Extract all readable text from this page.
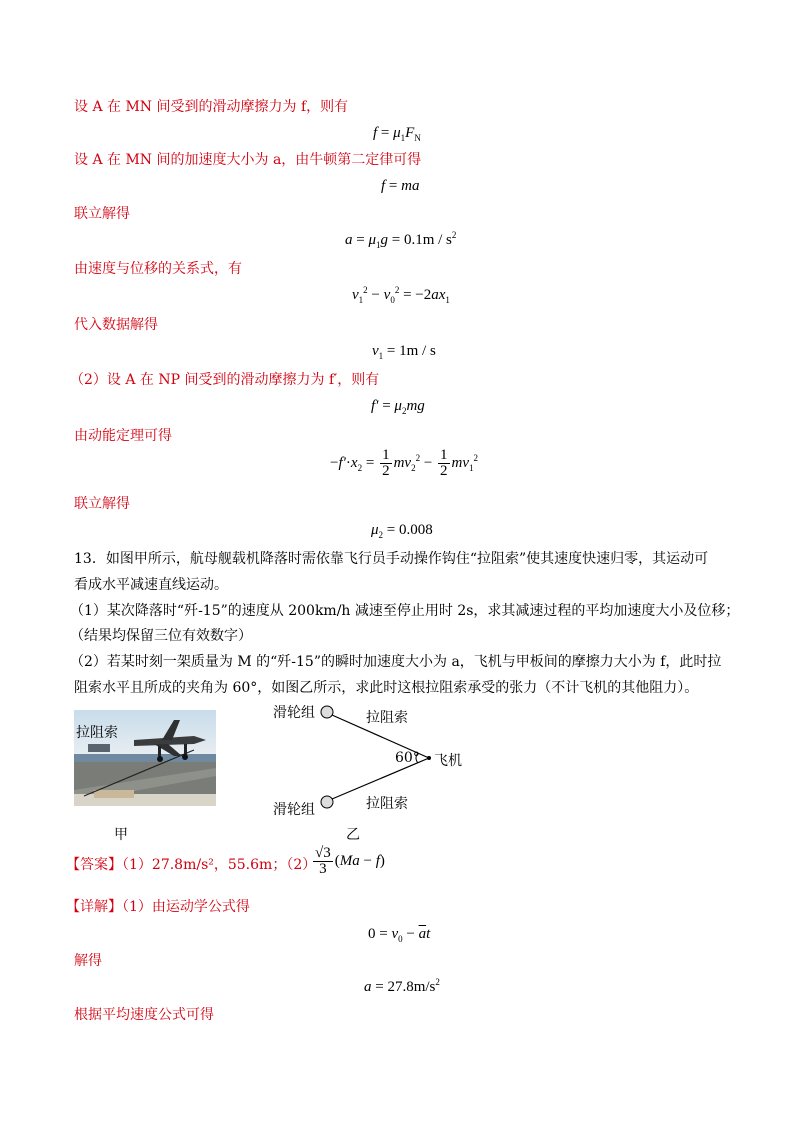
设 A 在 MN 间受到的滑动摩擦力为 f，则有
$f = \mu_1F_N$
设 A 在 MN 间的加速度大小为 a，由牛顿第二定律可得
f = ma
联立解得
$a = \mu_1g = 0.1m / s^2$
由速度与位移的关系式，有
$v_1^2 - v_0^2 = -2ax_1$
代入数据解得
$v_1 = 1m / s$
（2）设 A 在 NP 间受到的滑动摩擦力为 f′，则有
$f' = \mu_2mg$
由动能定理可得
$-f'\cdot x_2 = \frac{1}{2} mv_2^2 - \frac{1}{2} mv_1^2$
联立解得
$\mu_2 = 0.008$
13．如图甲所示，航母舰载机降落时需依靠飞行员手动操作钩住“拉阻索”使其速度快速归零，其运动可
看成水平减速直线运动。
（1）某次降落时“歼-15”的速度从 200km/h 减速至停止用时 2s，求其减速过程的平均加速度大小及位移；
（结果均保留三位有效数字）
（2）若某时刻一架质量为 M 的“歼-15”的瞬时加速度大小为 a，飞机与甲板间的摩擦力大小为 f，此时拉
阻索水平且所成的夹角为 60°，如图乙所示，求此时这根拉阻索承受的张力（不计飞机的其他阻力）。
拉阻索
甲
滑轮组	拉阻索
60° 飞机
拉阻索
滑轮组
乙
【答案】（1）27.8m/s²，55.6m；（2）
$\frac{√3}{3} (Ma - f)$
【详解】（1）由运动学公式得
$0 = v_0 - \overline{a}t$
解得
$a = 27.8m/s^2$
根据平均速度公式可得
